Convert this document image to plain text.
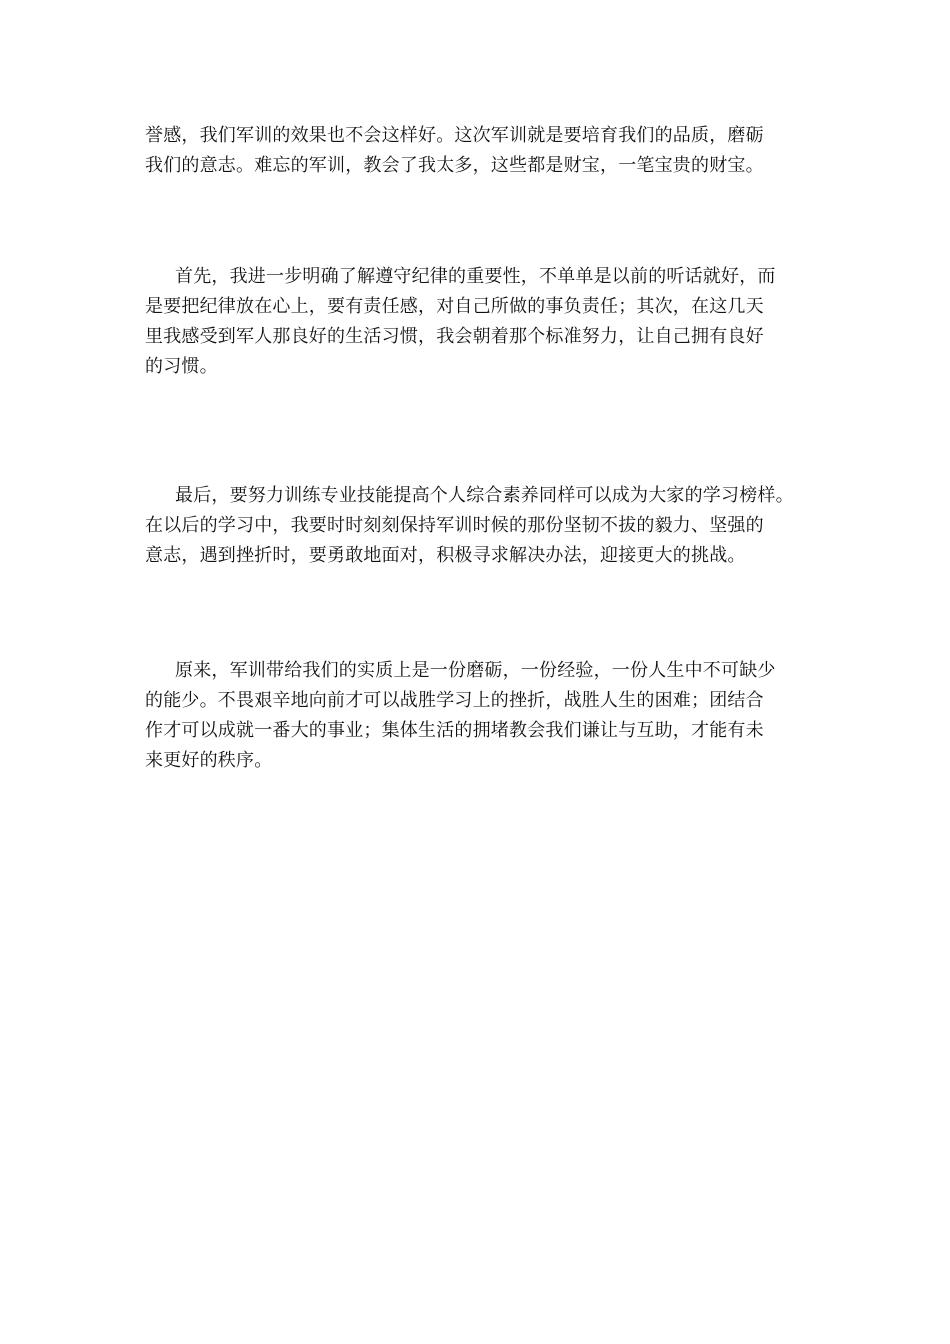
誉感，我们军训的效果也不会这样好。这次军训就是要培育我们的品质，磨砺
我们的意志。难忘的军训，教会了我太多，这些都是财宝，一笔宝贵的财宝。
首先，我进一步明确了解遵守纪律的重要性，不单单是以前的听话就好，而
是要把纪律放在心上，要有责任感，对自己所做的事负责任；其次，在这几天
里我感受到军人那良好的生活习惯，我会朝着那个标准努力，让自己拥有良好
的习惯。
最后，要努力训练专业技能提高个人综合素养同样可以成为大家的学习榜样。
在以后的学习中，我要时时刻刻保持军训时候的那份坚韧不拔的毅力、坚强的
意志，遇到挫折时，要勇敢地面对，积极寻求解决办法，迎接更大的挑战。
原来，军训带给我们的实质上是一份磨砺，一份经验，一份人生中不可缺少
的能少。不畏艰辛地向前才可以战胜学习上的挫折，战胜人生的困难；团结合
作才可以成就一番大的事业；集体生活的拥堵教会我们谦让与互助，才能有未
来更好的秩序。
